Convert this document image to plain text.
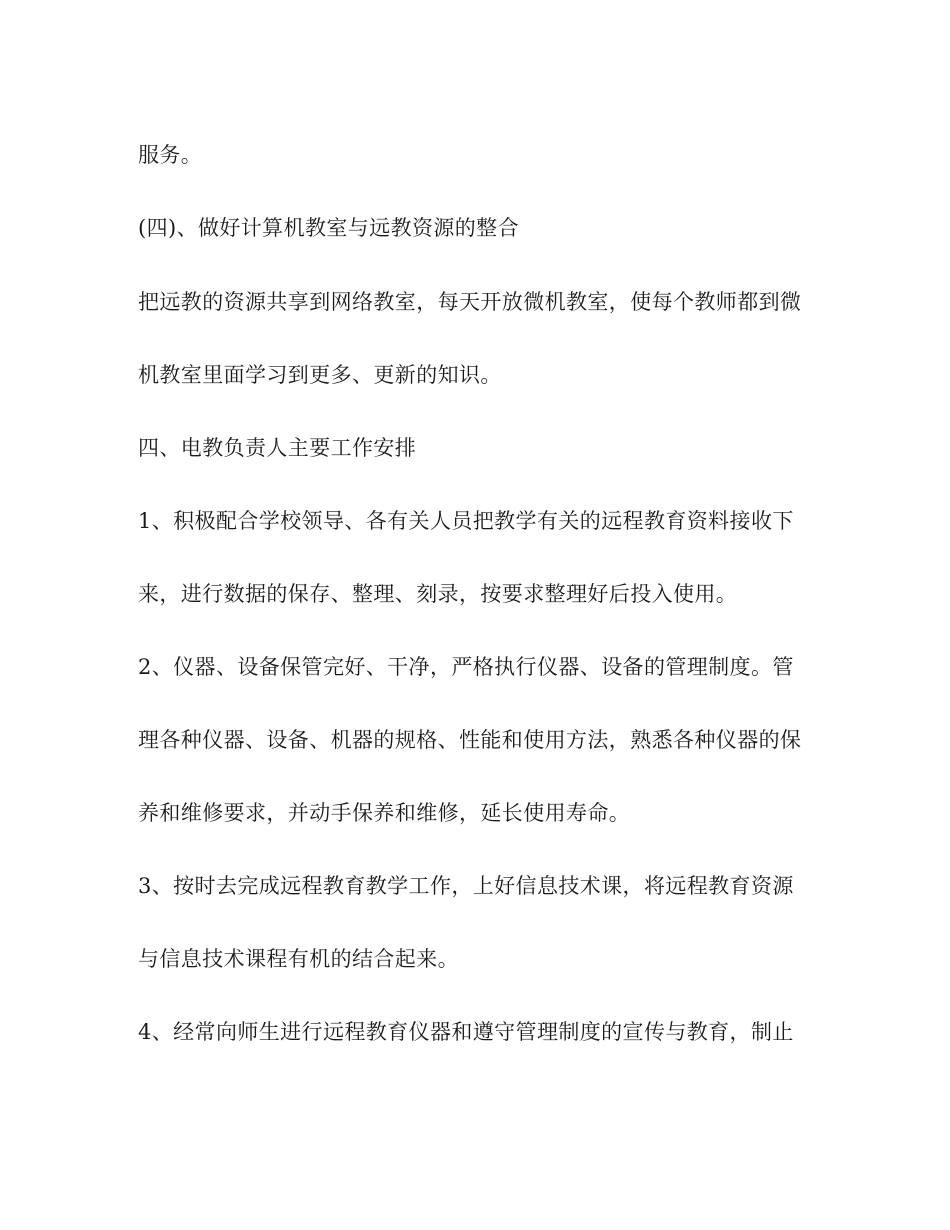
服务。
(四)、做好计算机教室与远教资源的整合
把远教的资源共享到网络教室，每天开放微机教室，使每个教师都到微
机教室里面学习到更多、更新的知识。
四、电教负责人主要工作安排
1、积极配合学校领导、各有关人员把教学有关的远程教育资料接收下
来，进行数据的保存、整理、刻录，按要求整理好后投入使用。
2、仪器、设备保管完好、干净，严格执行仪器、设备的管理制度。管
理各种仪器、设备、机器的规格、性能和使用方法，熟悉各种仪器的保
养和维修要求，并动手保养和维修，延长使用寿命。
3、按时去完成远程教育教学工作，上好信息技术课，将远程教育资源
与信息技术课程有机的结合起来。
4、经常向师生进行远程教育仪器和遵守管理制度的宣传与教育，制止
